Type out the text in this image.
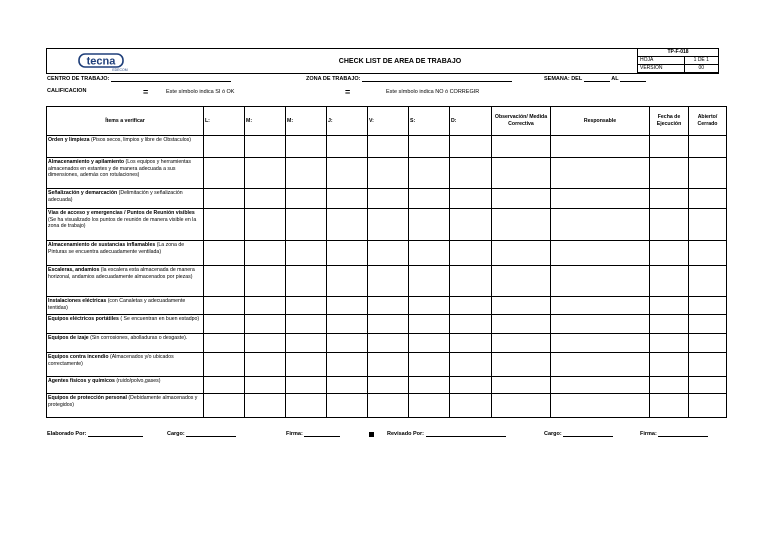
tecna
EDECOM
CHECK LIST DE AREA DE TRABAJO
TP-F-018	
HOJA	1 DE 1
VERSION	00
CENTRO DE TRABAJO:	ZONA DE TRABAJO:	SEMANA: DEL	AL
CALIFICACION	=	Este símbolo indica SI ó OK	=	Este símbolo indica NO ó CORREGIR
Ítems a verificar	L:	M:	M:	J:	V:	S:	D:	Observación/ Medida Correctiva	Responsable	Fecha de Ejecución	Abierto/ Cerrado
Orden y limpieza (Pisos secos, limpios y libre de Obstaculos)											
Almacenamiento y apilamiento (Los equipos y herramientas almacenados en estantes y de manera adecuada a sus dimensiones, además con rotulaciones)											
Señalización y demarcación (Delimitación y señalización adecuada)											
Vías de acceso y emergencias / Puntos de Reunión visibles (Se ha visualizado los puntos de reunión de manera visible en la zona de trabajo)											
Almacenamiento de sustancias inflamables (La zona de Pinturas se encuentra adecuadamente ventilada)											
Escaleras, andamios (la escalera esta almacenada de manera horizonal, andamios adecuadamente almacenados por piezas)											
Instalaciones eléctricas (con Canaletas y adecuadamente tentidas)											
Equipos eléctricos portátiles ( Se encuentran en buen estadpo)											
Equipos de izaje (Sin corrosiones, abolladuras o desgaste).											
Equipos contra incendio (Almacenados y/o ubicados correctamente)											
Agentes físicos y químicos (ruido/polvo,gases)											
Equipos de protección personal (Debidamente almacenados y protegidos)											
Elaborado Por:	Cargo:	Firma:	Revisado Por:	Cargo:	Firma:
